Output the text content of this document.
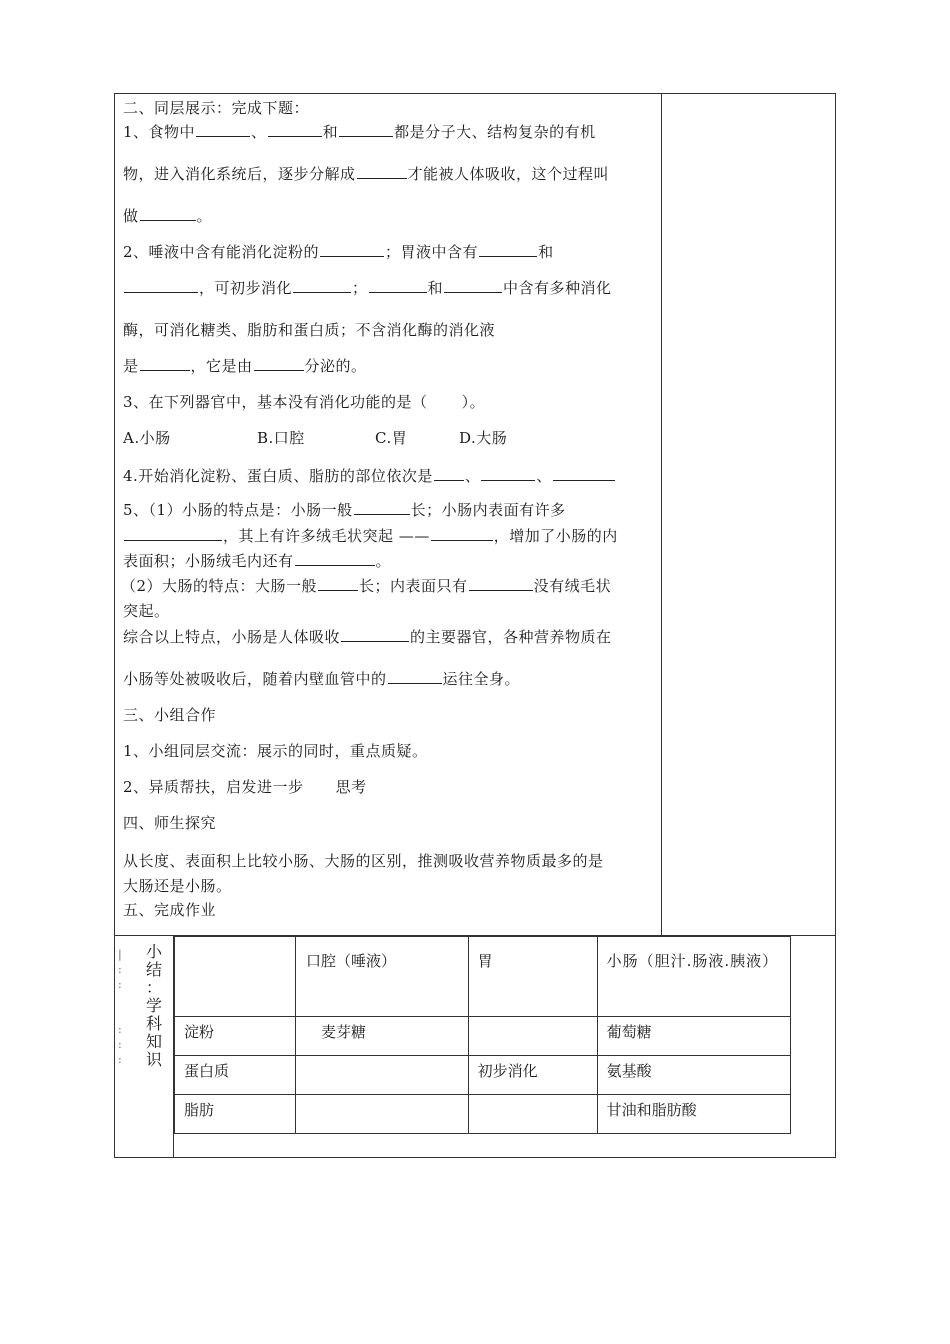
二、同层展示：完成下题：
1、食物中	、	和	都是分子大、结构复杂的有机
物，进入消化系统后，逐步分解成	才能被人体吸收，这个过程叫
做	。
2、唾液中含有能消化淀粉的	；胃液中含有	和
，可初步消化	；	和	中含有多种消化
酶，可消化糖类、脂肪和蛋白质；不含消化酶的消化液
是	，它是由	分泌的。
3、在下列器官中，基本没有消化功能的是（ ）。
A.小肠	B.口腔	C.胃	D.大肠
4.开始消化淀粉、蛋白质、脂肪的部位依次是 、	、
5、（1）小肠的特点是：小肠一般	长；小肠内表面有许多
，其上有许多绒毛状突起 ——	，增加了小肠的内
表面积；小肠绒毛内还有	。
（2）大肠的特点：大肠一般	长；内表面只有	没有绒毛状
突起。
综合以上特点，小肠是人体吸收	的主要器官，各种营养物质在
小肠等处被吸收后，随着内壁血管中的	运往全身。
三、小组合作
1、小组同层交流：展示的同时，重点质疑。
2、异质帮扶，启发进一步 思考
四、师生探究
从长度、表面积上比较小肠、大肠的区别，推测吸收营养物质最多的是
大肠还是小肠。
五、完成作业
|
:
:

:
:
:
小
结
：
学
科
知
识
	口腔（唾液）	胃	小肠（胆汁.肠液.胰液）
淀粉	麦芽糖		葡萄糖
蛋白质		初步消化	氨基酸
脂肪			甘油和脂肪酸
